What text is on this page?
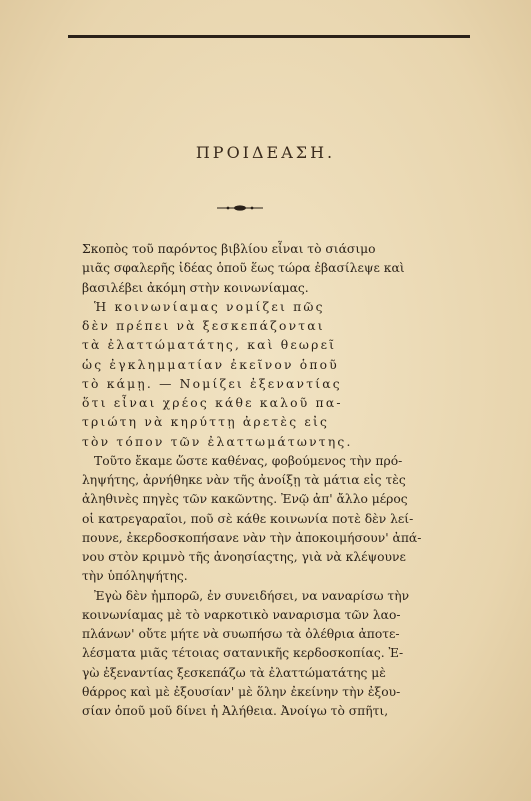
ΠΡΟΙΔΕΑΣΗ.
Σκοπὸς τοῦ παρόντος βιβλίου εἶναι τὸ σιάσιμο
μιᾶς σφαλερῆς ἰδέας ὁποῦ ἕως τώρα ἐβασίλεψε καὶ
βασιλέβει ἀκόμη στὴν κοινωνίαμας.
Ἡ κοινωνίαμας νομίζει πῶς
δὲν πρέπει νὰ ξεσκεπάζονται
τὰ ἐλαττώματάτης, καὶ θεωρεῖ
ὡς ἐγκλημματίαν ἐκεῖνον ὁποῦ
τὸ κάμῃ. — Νομίζει ἐξεναντίας
ὅτι εἶναι χρέος κάθε καλοῦ πα-
τριώτη νὰ κηρύττῃ ἀρετὲς εἰς
τὸν τόπον τῶν ἐλαττωμάτωντης.
Τοῦτο ἔκαμε ὥστε καθένας, φοβούμενος τὴν πρό-
ληψήτης, ἀρνήθηκε νὰν τῆς ἀνοίξῃ τὰ μάτια εἰς τὲς
ἀληθινὲς πηγὲς τῶν κακῶντης. Ἐνῷ ἀπ' ἄλλο μέρος
οἱ κατρεγαραῖοι, ποῦ σὲ κάθε κοινωνία ποτὲ δὲν λεί-
πουνε, ἐκερδοσκοπήσανε νὰν τὴν ἀποκοιμήσουν' ἀπά-
νου στὸν κριμνὸ τῆς ἀνοησίαςτης, γιὰ νὰ κλέψουνε
τὴν ὑπόληψήτης.
Ἐγὼ δὲν ἠμπορῶ, ἐν συνειδήσει, να ναναρίσω τὴν
κοινωνίαμας μὲ τὸ ναρκοτικὸ ναναρισμα τῶν λαο-
πλάνων' οὔτε μήτε νὰ συωπήσω τὰ ὀλέθρια ἀποτε-
λέσματα μιᾶς τέτοιας σατανικῆς κερδοσκοπίας. Ἐ-
γὼ ἐξεναντίας ξεσκεπάζω τὰ ἐλαττώματάτης μὲ
θάρρος καὶ μὲ ἐξουσίαν' μὲ ὅλην ἐκείνην τὴν ἐξου-
σίαν ὁποῦ μοῦ δίνει ἡ Ἀλήθεια. Ἀνοίγω τὸ σπῆτι,
